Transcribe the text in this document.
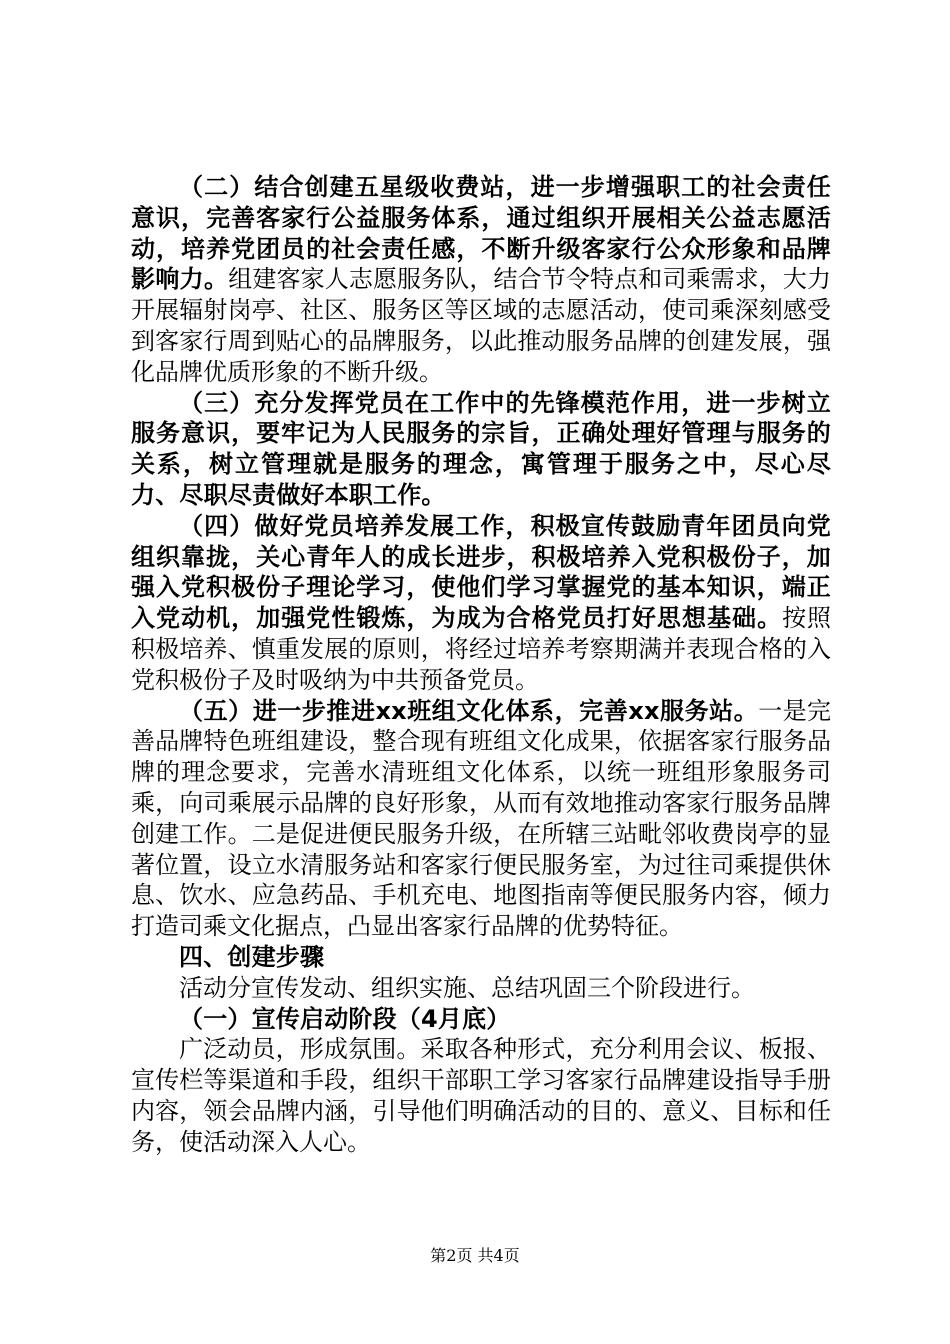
（二）结合创建五星级收费站，进一步增强职工的社会责任意识，完善客家行公益服务体系，通过组织开展相关公益志愿活动，培养党团员的社会责任感，不断升级客家行公众形象和品牌影响力。组建客家人志愿服务队，结合节令特点和司乘需求，大力开展辐射岗亭、社区、服务区等区域的志愿活动，使司乘深刻感受到客家行周到贴心的品牌服务，以此推动服务品牌的创建发展，强化品牌优质形象的不断升级。

（三）充分发挥党员在工作中的先锋模范作用，进一步树立服务意识，要牢记为人民服务的宗旨，正确处理好管理与服务的关系，树立管理就是服务的理念，寓管理于服务之中，尽心尽力、尽职尽责做好本职工作。

（四）做好党员培养发展工作，积极宣传鼓励青年团员向党组织靠拢，关心青年人的成长进步，积极培养入党积极份子，加强入党积极份子理论学习，使他们学习掌握党的基本知识，端正入党动机，加强党性锻炼，为成为合格党员打好思想基础。按照积极培养、慎重发展的原则，将经过培养考察期满并表现合格的入党积极份子及时吸纳为中共预备党员。

（五）进一步推进xx班组文化体系，完善xx服务站。一是完善品牌特色班组建设，整合现有班组文化成果，依据客家行服务品牌的理念要求，完善水清班组文化体系，以统一班组形象服务司乘，向司乘展示品牌的良好形象，从而有效地推动客家行服务品牌创建工作。二是促进便民服务升级，在所辖三站毗邻收费岗亭的显著位置，设立水清服务站和客家行便民服务室，为过往司乘提供休息、饮水、应急药品、手机充电、地图指南等便民服务内容，倾力打造司乘文化据点，凸显出客家行品牌的优势特征。

四、创建步骤

活动分宣传发动、组织实施、总结巩固三个阶段进行。

（一）宣传启动阶段（4月底）

广泛动员，形成氛围。采取各种形式，充分利用会议、板报、宣传栏等渠道和手段，组织干部职工学习客家行品牌建设指导手册内容，领会品牌内涵，引导他们明确活动的目的、意义、目标和任务，使活动深入人心。

第2页 共4页
